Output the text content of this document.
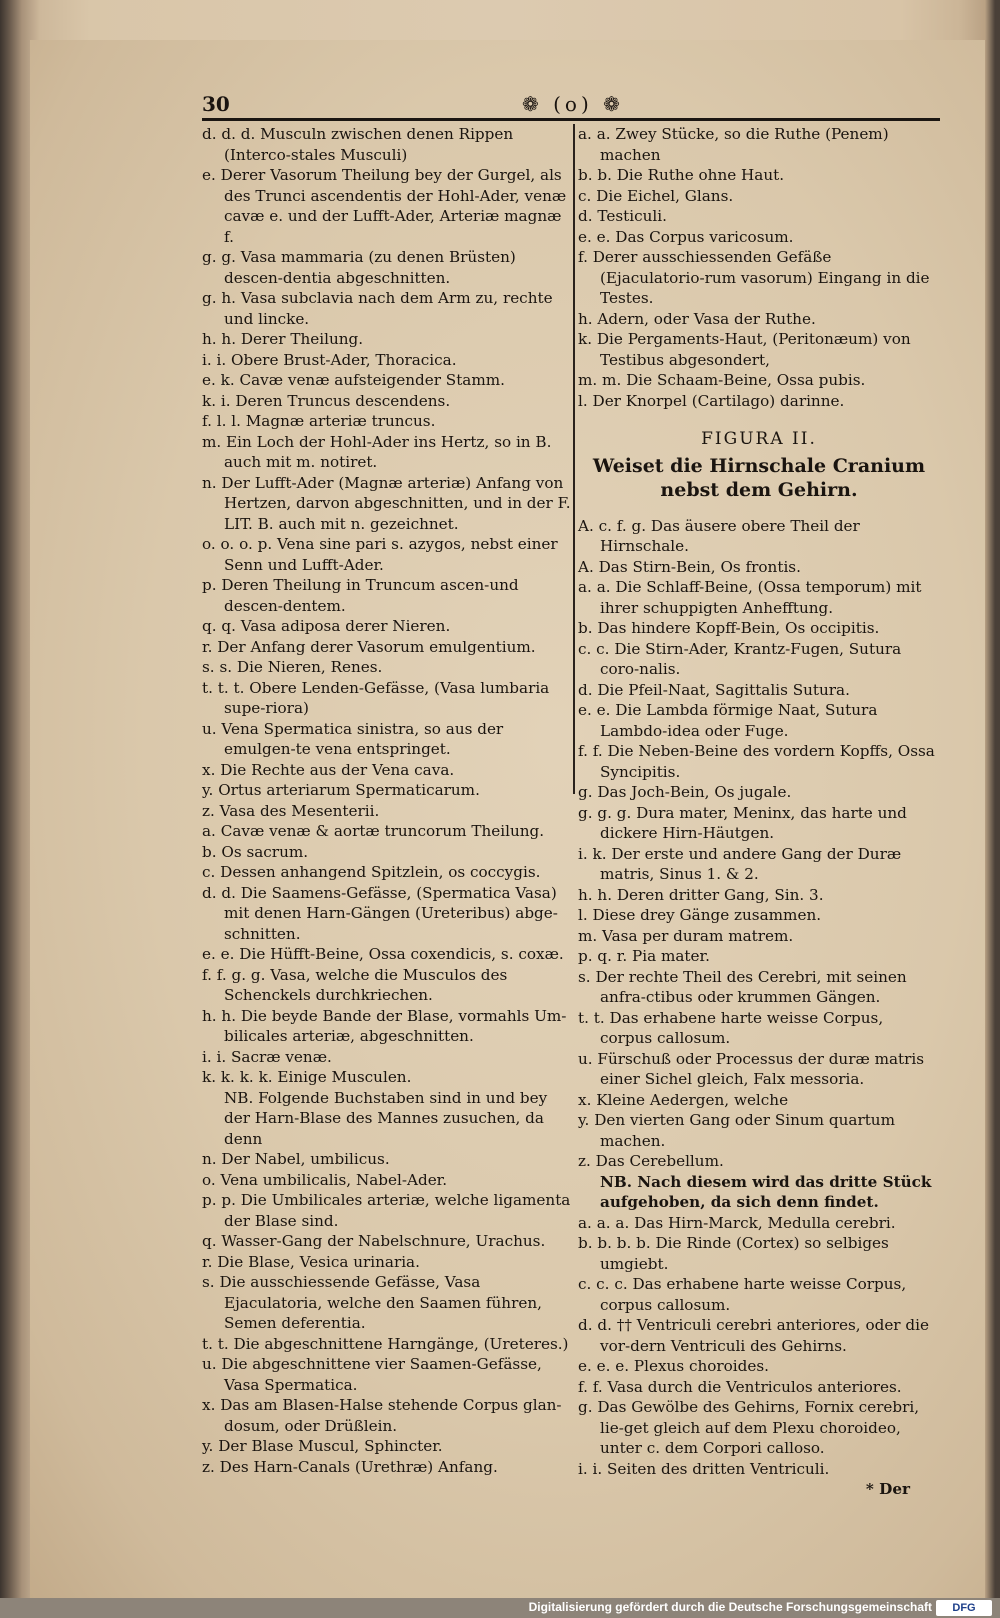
30	❁ (o) ❁

d. d. d. Musculn zwischen denen Rippen (Interco-stales Musculi)

e. Derer Vasorum Theilung bey der Gurgel, als des Trunci ascendentis der Hohl-Ader, venæ cavæ e. und der Lufft-Ader, Arteriæ magnæ f.

g. g. Vasa mammaria (zu denen Brüsten) descen-dentia abgeschnitten.

g. h. Vasa subclavia nach dem Arm zu, rechte und lincke.

h. h. Derer Theilung.

i. i. Obere Brust-Ader, Thoracica.

e. k. Cavæ venæ aufsteigender Stamm.

k. i. Deren Truncus descendens.

f. l. l. Magnæ arteriæ truncus.

m. Ein Loch der Hohl-Ader ins Hertz, so in B. auch mit m. notiret.

n. Der Lufft-Ader (Magnæ arteriæ) Anfang von Hertzen, darvon abgeschnitten, und in der F. LIT. B. auch mit n. gezeichnet.

o. o. o. p. Vena sine pari s. azygos, nebst einer Senn und Lufft-Ader.

p. Deren Theilung in Truncum ascen-und descen-dentem.

q. q. Vasa adiposa derer Nieren.

r. Der Anfang derer Vasorum emulgentium.

s. s. Die Nieren, Renes.

t. t. t. Obere Lenden-Gefässe, (Vasa lumbaria supe-riora)

u. Vena Spermatica sinistra, so aus der emulgen-te vena entspringet.

x. Die Rechte aus der Vena cava.

y. Ortus arteriarum Spermaticarum.

z. Vasa des Mesenterii.

a. Cavæ venæ & aortæ truncorum Theilung.

b. Os sacrum.

c. Dessen anhangend Spitzlein, os coccygis.

d. d. Die Saamens-Gefässe, (Spermatica Vasa) mit denen Harn-Gängen (Ureteribus) abge-schnitten.

e. e. Die Hüfft-Beine, Ossa coxendicis, s. coxæ.

f. f. g. g. Vasa, welche die Musculos des Schenckels durchkriechen.

h. h. Die beyde Bande der Blase, vormahls Um-bilicales arteriæ, abgeschnitten.

i. i. Sacræ venæ.

k. k. k. k. Einige Musculen.

NB. Folgende Buchstaben sind in und bey der Harn-Blase des Mannes zusuchen, da denn

n. Der Nabel, umbilicus.

o. Vena umbilicalis, Nabel-Ader.

p. p. Die Umbilicales arteriæ, welche ligamenta der Blase sind.

q. Wasser-Gang der Nabelschnure, Urachus.

r. Die Blase, Vesica urinaria.

s. Die ausschiessende Gefässe, Vasa Ejaculatoria, welche den Saamen führen, Semen deferentia.

t. t. Die abgeschnittene Harngänge, (Ureteres.)

u. Die abgeschnittene vier Saamen-Gefässe, Vasa Spermatica.

x. Das am Blasen-Halse stehende Corpus glan-dosum, oder Drüßlein.

y. Der Blase Muscul, Sphincter.

z. Des Harn-Canals (Urethræ) Anfang.

a. a. Zwey Stücke, so die Ruthe (Penem) machen

b. b. Die Ruthe ohne Haut.

c. Die Eichel, Glans.

d. Testiculi.

e. e. Das Corpus varicosum.

f. Derer ausschiessenden Gefäße (Ejaculatorio-rum vasorum) Eingang in die Testes.

h. Adern, oder Vasa der Ruthe.

k. Die Pergaments-Haut, (Peritonæum) von Testibus abgesondert,

m. m. Die Schaam-Beine, Ossa pubis.

l. Der Knorpel (Cartilago) darinne.

FIGURA II.
Weiset die Hirnschale Cranium nebst dem Gehirn.

A. c. f. g. Das äusere obere Theil der Hirnschale.

A. Das Stirn-Bein, Os frontis.

a. a. Die Schlaff-Beine, (Ossa temporum) mit ihrer schuppigten Anhefftung.

b. Das hindere Kopff-Bein, Os occipitis.

c. c. Die Stirn-Ader, Krantz-Fugen, Sutura coro-nalis.

d. Die Pfeil-Naat, Sagittalis Sutura.

e. e. Die Lambda förmige Naat, Sutura Lambdo-idea oder Fuge.

f. f. Die Neben-Beine des vordern Kopffs, Ossa Syncipitis.

g. Das Joch-Bein, Os jugale.

g. g. g. Dura mater, Meninx, das harte und dickere Hirn-Häutgen.

i. k. Der erste und andere Gang der Duræ matris, Sinus 1. & 2.

h. h. Deren dritter Gang, Sin. 3.

l. Diese drey Gänge zusammen.

m. Vasa per duram matrem.

p. q. r. Pia mater.

s. Der rechte Theil des Cerebri, mit seinen anfra-ctibus oder krummen Gängen.

t. t. Das erhabene harte weisse Corpus, corpus callosum.

u. Fürschuß oder Processus der duræ matris einer Sichel gleich, Falx messoria.

x. Kleine Aedergen, welche

y. Den vierten Gang oder Sinum quartum machen.

z. Das Cerebellum.

NB. Nach diesem wird das dritte Stück aufgehoben, da sich denn findet.

a. a. a. Das Hirn-Marck, Medulla cerebri.

b. b. b. b. Die Rinde (Cortex) so selbiges umgiebt.

c. c. c. Das erhabene harte weisse Corpus, corpus callosum.

d. d. †† Ventriculi cerebri anteriores, oder die vor-dern Ventriculi des Gehirns.

e. e. e. Plexus choroides.

f. f. Vasa durch die Ventriculos anteriores.

g. Das Gewölbe des Gehirns, Fornix cerebri, lie-get gleich auf dem Plexu choroideo, unter c. dem Corpori calloso.

i. i. Seiten des dritten Ventriculi.

* Der
Digitalisierung gefördert durch die Deutsche Forschungsgemeinschaft	DFG
